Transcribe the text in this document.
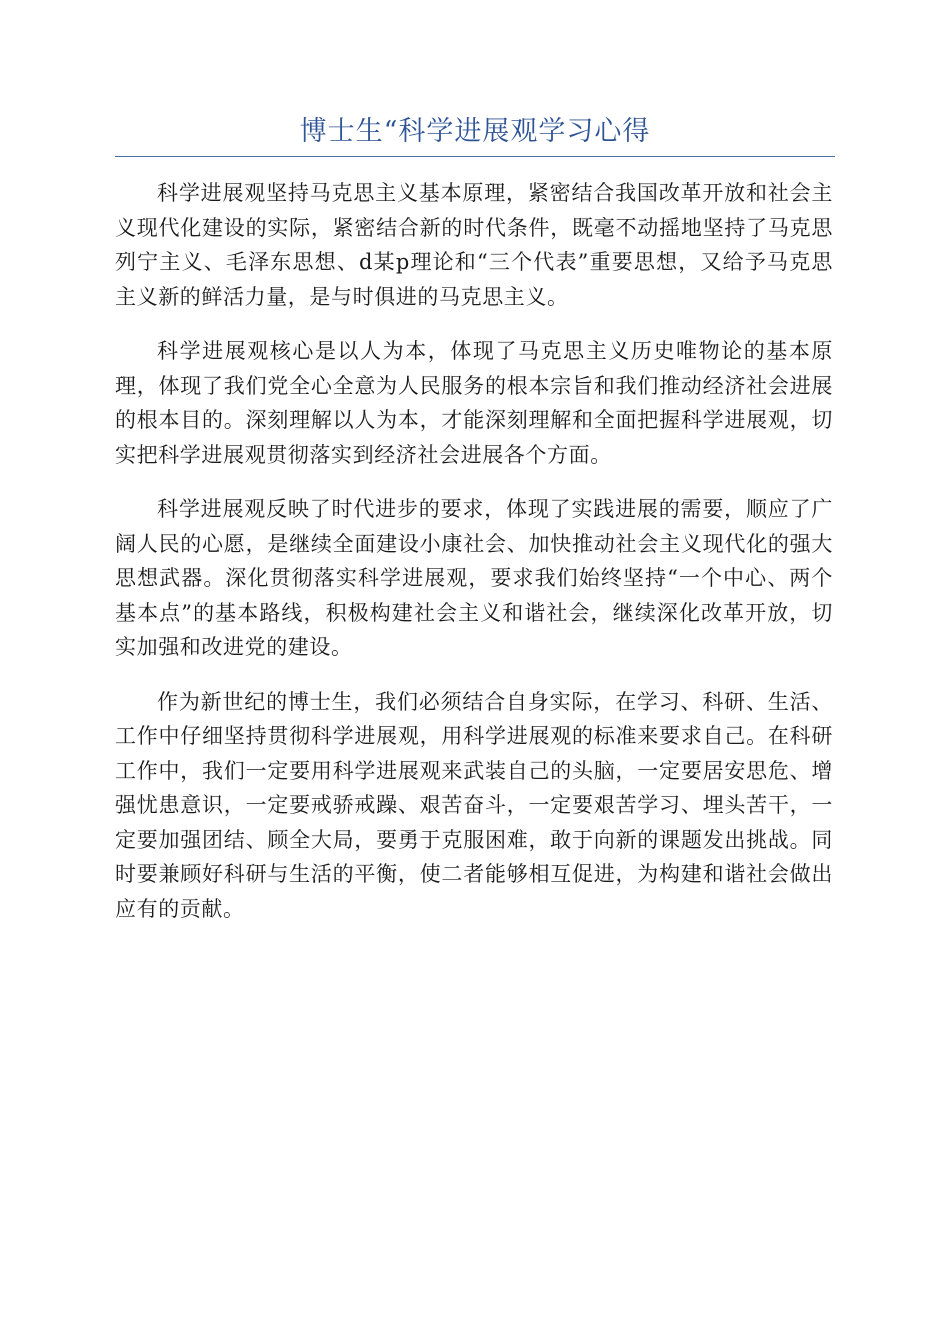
博士生“科学进展观学习心得

科学进展观坚持马克思主义基本原理，紧密结合我国改革开放和社会主义现代化建设的实际，紧密结合新的时代条件，既毫不动摇地坚持了马克思列宁主义、毛泽东思想、d某p理论和“三个代表”重要思想，又给予马克思主义新的鲜活力量，是与时俱进的马克思主义。

科学进展观核心是以人为本，体现了马克思主义历史唯物论的基本原理，体现了我们党全心全意为人民服务的根本宗旨和我们推动经济社会进展的根本目的。深刻理解以人为本，才能深刻理解和全面把握科学进展观，切实把科学进展观贯彻落实到经济社会进展各个方面。

科学进展观反映了时代进步的要求，体现了实践进展的需要，顺应了广阔人民的心愿，是继续全面建设小康社会、加快推动社会主义现代化的强大思想武器。深化贯彻落实科学进展观，要求我们始终坚持“一个中心、两个基本点”的基本路线，积极构建社会主义和谐社会，继续深化改革开放，切实加强和改进党的建设。

作为新世纪的博士生，我们必须结合自身实际，在学习、科研、生活、工作中仔细坚持贯彻科学进展观，用科学进展观的标准来要求自己。在科研工作中，我们一定要用科学进展观来武装自己的头脑，一定要居安思危、增强忧患意识，一定要戒骄戒躁、艰苦奋斗，一定要艰苦学习、埋头苦干，一定要加强团结、顾全大局，要勇于克服困难，敢于向新的课题发出挑战。同时要兼顾好科研与生活的平衡，使二者能够相互促进，为构建和谐社会做出应有的贡献。
